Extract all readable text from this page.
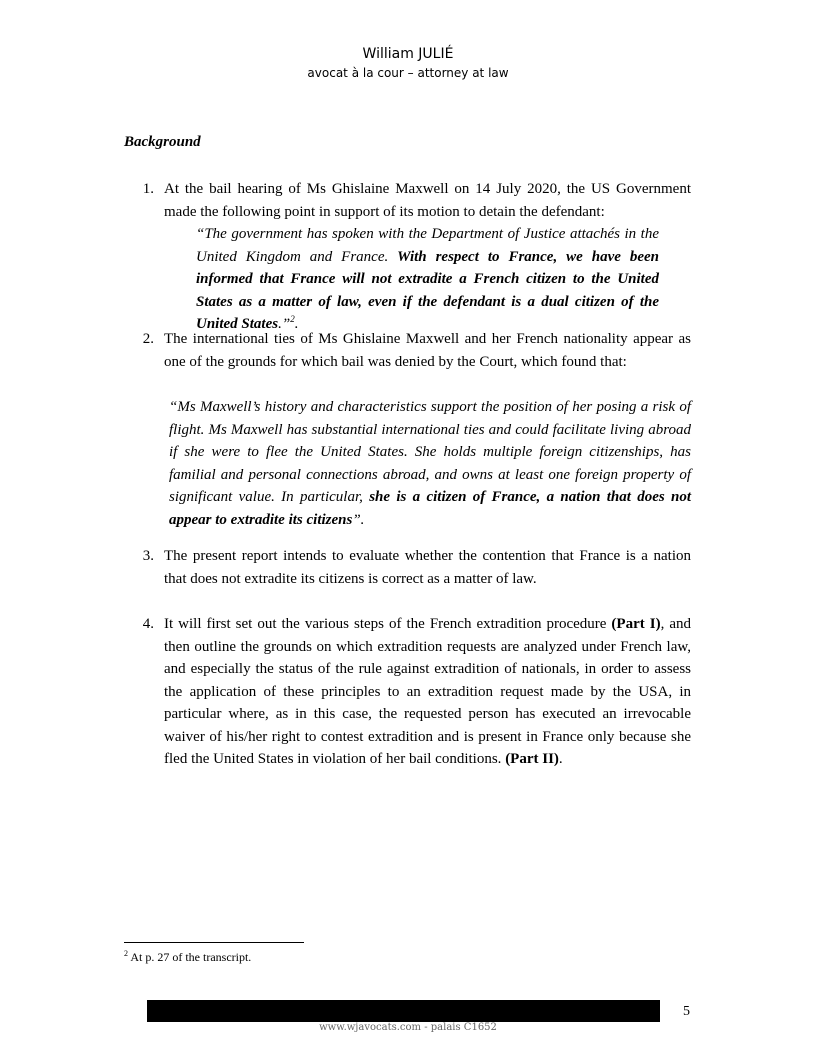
William JULIÉ
avocat à la cour – attorney at law
Background
1. At the bail hearing of Ms Ghislaine Maxwell on 14 July 2020, the US Government made the following point in support of its motion to detain the defendant:
“The government has spoken with the Department of Justice attachés in the United Kingdom and France. With respect to France, we have been informed that France will not extradite a French citizen to the United States as a matter of law, even if the defendant is a dual citizen of the United States.”$^2$.
2. The international ties of Ms Ghislaine Maxwell and her French nationality appear as one of the grounds for which bail was denied by the Court, which found that:
“Ms Maxwell’s history and characteristics support the position of her posing a risk of flight. Ms Maxwell has substantial international ties and could facilitate living abroad if she were to flee the United States. She holds multiple foreign citizenships, has familial and personal connections abroad, and owns at least one foreign property of significant value. In particular, she is a citizen of France, a nation that does not appear to extradite its citizens”.
3. The present report intends to evaluate whether the contention that France is a nation that does not extradite its citizens is correct as a matter of law.
4. It will first set out the various steps of the French extradition procedure (Part I), and then outline the grounds on which extradition requests are analyzed under French law, and especially the status of the rule against extradition of nationals, in order to assess the application of these principles to an extradition request made by the USA, in particular where, as in this case, the requested person has executed an irrevocable waiver of his/her right to contest extradition and is present in France only because she fled the United States in violation of her bail conditions. (Part II).
$^2$ At p. 27 of the transcript.
5
www.wjavocats.com - palais C1652
